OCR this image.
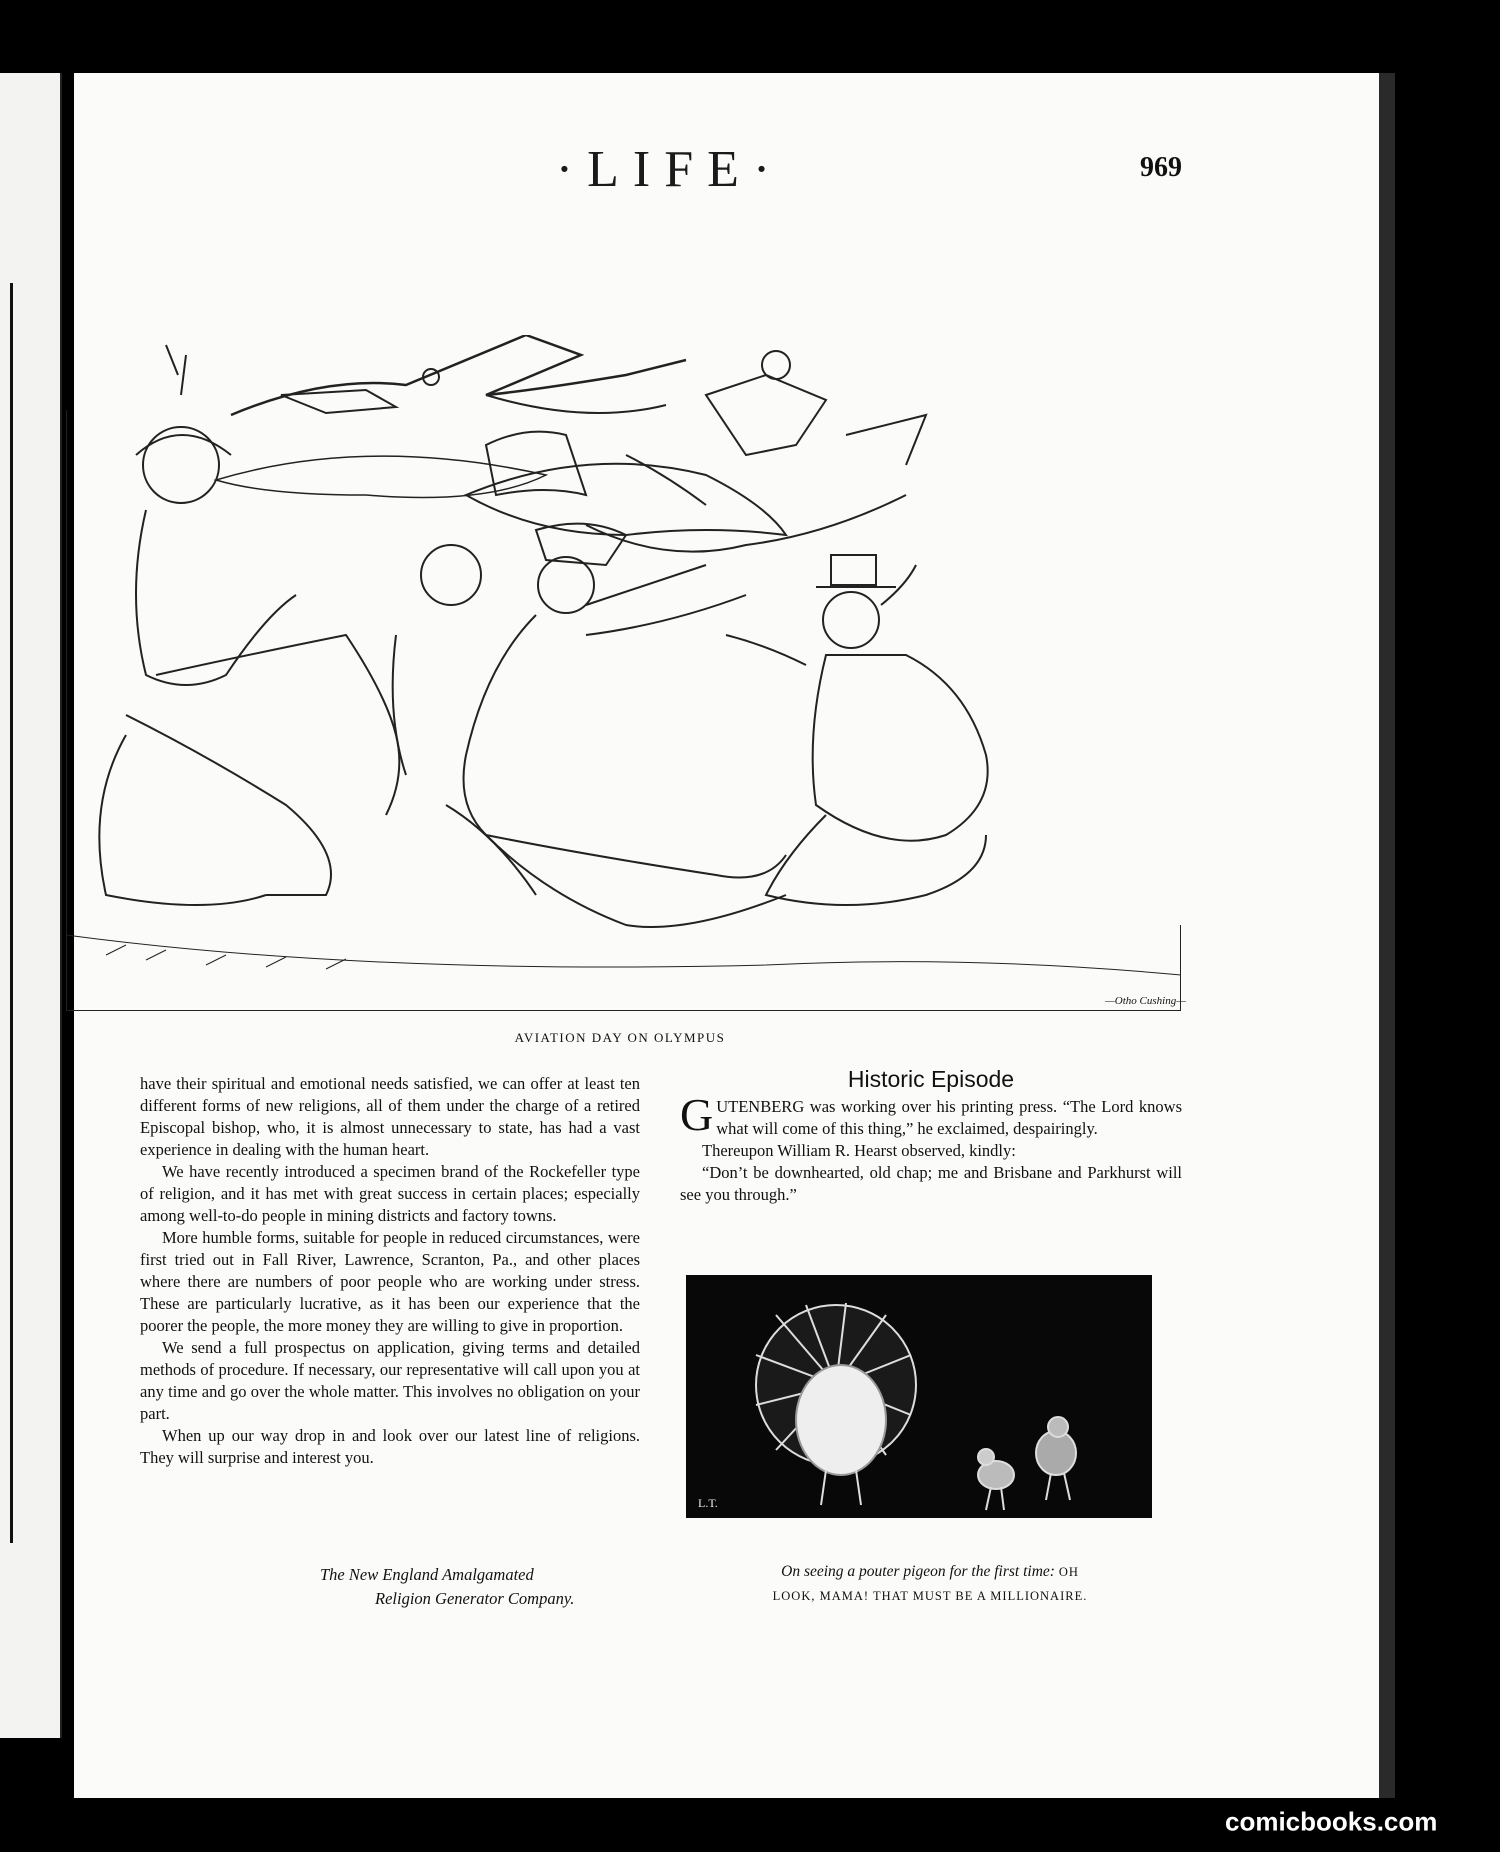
·LIFE·	969
AVIATION DAY ON OLYMPUS
—Otho Cushing—

have their spiritual and emotional needs satisfied, we can offer at least ten different forms of new religions, all of them under the charge of a retired Episcopal bishop, who, it is almost unnecessary to state, has had a vast experience in dealing with the human heart.

We have recently introduced a specimen brand of the Rockefeller type of religion, and it has met with great success in certain places; especially among well-to-do people in mining districts and factory towns.

More humble forms, suitable for people in reduced circumstances, were first tried out in Fall River, Lawrence, Scranton, Pa., and other places where there are numbers of poor people who are working under stress. These are particularly lucrative, as it has been our experience that the poorer the people, the more money they are willing to give in proportion.

We send a full prospectus on application, giving terms and detailed methods of procedure. If necessary, our representative will call upon you at any time and go over the whole matter. This involves no obligation on your part.

When up our way drop in and look over our latest line of religions. They will surprise and interest you.

The New England Amalgamated
Religion Generator Company.
Historic Episode

GUTENBERG was working over his printing press. “The Lord knows what will come of this thing,” he exclaimed, despairingly.

Thereupon William R. Hearst observed, kindly:

“Don’t be downhearted, old chap; me and Brisbane and Parkhurst will see you through.”

L.T.
On seeing a pouter pigeon for the first time: OH
LOOK, MAMA! THAT MUST BE A MILLIONAIRE.
comicbooks.com
